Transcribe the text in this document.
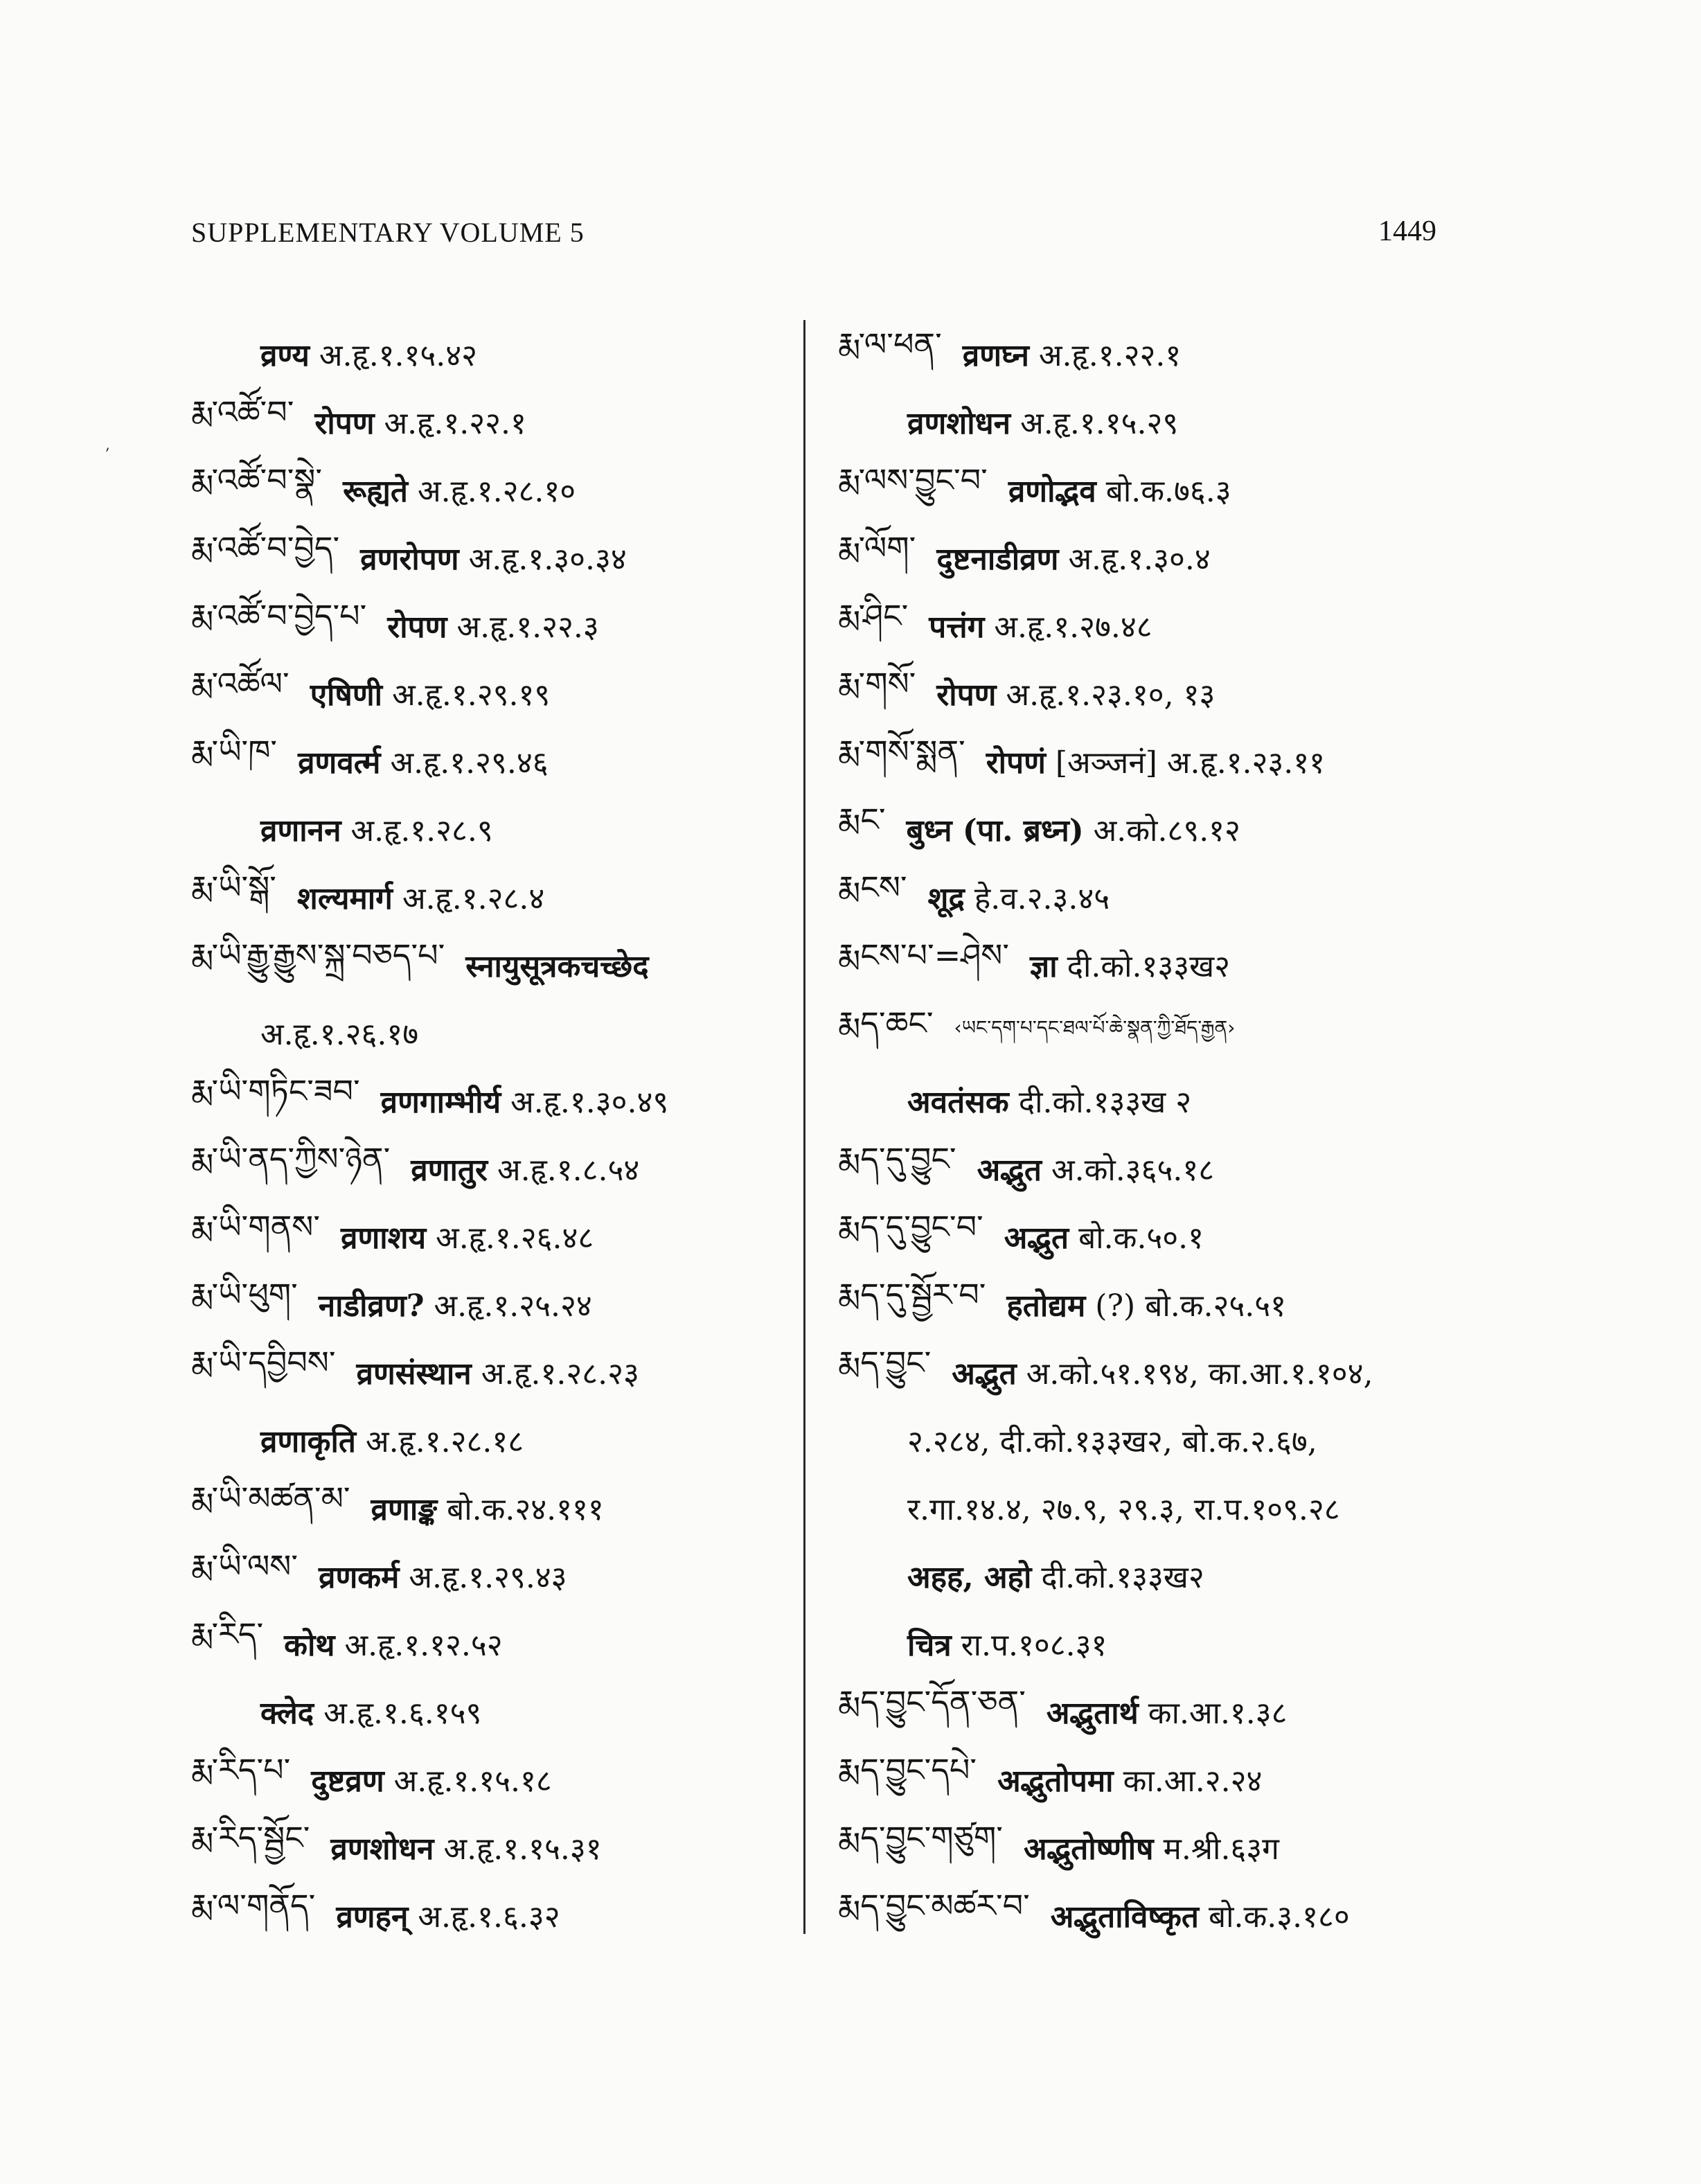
SUPPLEMENTARY VOLUME 5	1449
,
व्रण्य अ.हृ.१.१५.४२
རྨ་འཚོ་བ་ रोपण अ.हृ.१.२२.१
རྨ་འཚོ་བ་སྣེ་ रूह्यते अ.हृ.१.२८.१०
རྨ་འཚོ་བ་བྱེད་ व्रणरोपण अ.हृ.१.३०.३४
རྨ་འཚོ་བ་བྱེད་པ་ रोपण अ.हृ.१.२२.३
རྨ་འཚོལ་ एषिणी अ.हृ.१.२९.१९
རྨ་ཡི་ཁ་ व्रणवर्त्म अ.हृ.१.२९.४६
व्रणानन अ.हृ.१.२८.९
རྨ་ཡི་སྒོ་ शल्यमार्ग अ.हृ.१.२८.४
རྨ་ཡི་རྒྱུ་རྒྱུས་སྐྲ་བཅད་པ་ स्नायुसूत्रकचच्छेद
अ.हृ.१.२६.१७
རྨ་ཡི་གཏིང་ཟབ་ व्रणगाम्भीर्य अ.हृ.१.३०.४९
རྨ་ཡི་ནད་ཀྱིས་ཉེན་ व्रणातुर अ.हृ.१.८.५४
རྨ་ཡི་གནས་ व्रणाशय अ.हृ.१.२६.४८
རྨ་ཡི་ཕུག་ नाडीव्रण? अ.हृ.१.२५.२४
རྨ་ཡི་དབྱིབས་ व्रणसंस्थान अ.हृ.१.२८.२३
व्रणाकृति अ.हृ.१.२८.१८
རྨ་ཡི་མཚན་མ་ व्रणाङ्क बो.क.२४.१११
རྨ་ཡི་ལས་ व्रणकर्म अ.हृ.१.२९.४३
རྨ་རིད་ कोथ अ.हृ.१.१२.५२
क्लेद अ.हृ.१.६.१५९
རྨ་རིད་པ་ दुष्टव्रण अ.हृ.१.१५.१८
རྨ་རིད་སྦྱོང་ व्रणशोधन अ.हृ.१.१५.३१
རྨ་ལ་གནོད་ व्रणहन् अ.हृ.१.६.३२
རྨ་ལ་ཕན་ व्रणघ्न अ.हृ.१.२२.१
व्रणशोधन अ.हृ.१.१५.२९
རྨ་ལས་བྱུང་བ་ व्रणोद्भव बो.क.७६.३
རྨ་ལོག་ दुष्टनाडीव्रण अ.हृ.१.३०.४
རྨ་ཤིང་ पत्तंग अ.हृ.१.२७.४८
རྨ་གསོ་ रोपण अ.हृ.१.२३.१०, १३
རྨ་གསོ་སྨན་ रोपणं [अञ्जनं] अ.हृ.१.२३.११
རྨང་ बुध्न (पा. ब्रध्न) अ.को.८९.१२
རྨངས་ शूद्र हे.व.२.३.४५
རྨངས་པ་=ཤེས་ ज्ञा दी.को.१३३ख२
རྨད་ཆང་ ‹ཡང་དག་པ་དང་ཐལ་པོ་ཆེ་སྣན་ཀྱི་ཐོད་རྒྱན›
अवतंसक दी.को.१३३ख २
རྨད་དུ་བྱུང་ अद्भुत अ.को.३६५.१८
རྨད་དུ་བྱུང་བ་ अद्भुत बो.क.५०.१
རྨད་དུ་སྦྱོར་བ་ हतोद्यम (?) बो.क.२५.५१
རྨད་བྱུང་ अद्भुत अ.को.५१.१९४, का.आ.१.१०४,
२.२८४, दी.को.१३३ख२, बो.क.२.६७,
र.गा.१४.४, २७.९, २९.३, रा.प.१०९.२८
अहह, अहो दी.को.१३३ख२
चित्र रा.प.१०८.३१
རྨད་བྱུང་དོན་ཅན་ अद्भुतार्थ का.आ.१.३८
རྨད་བྱུང་དཔེ་ अद्भुतोपमा का.आ.२.२४
རྨད་བྱུང་གཙུག་ अद्भुतोष्णीष म.श्री.६३ग
རྨད་བྱུང་མཚར་བ་ अद्भुताविष्कृत बो.क.३.१८०
